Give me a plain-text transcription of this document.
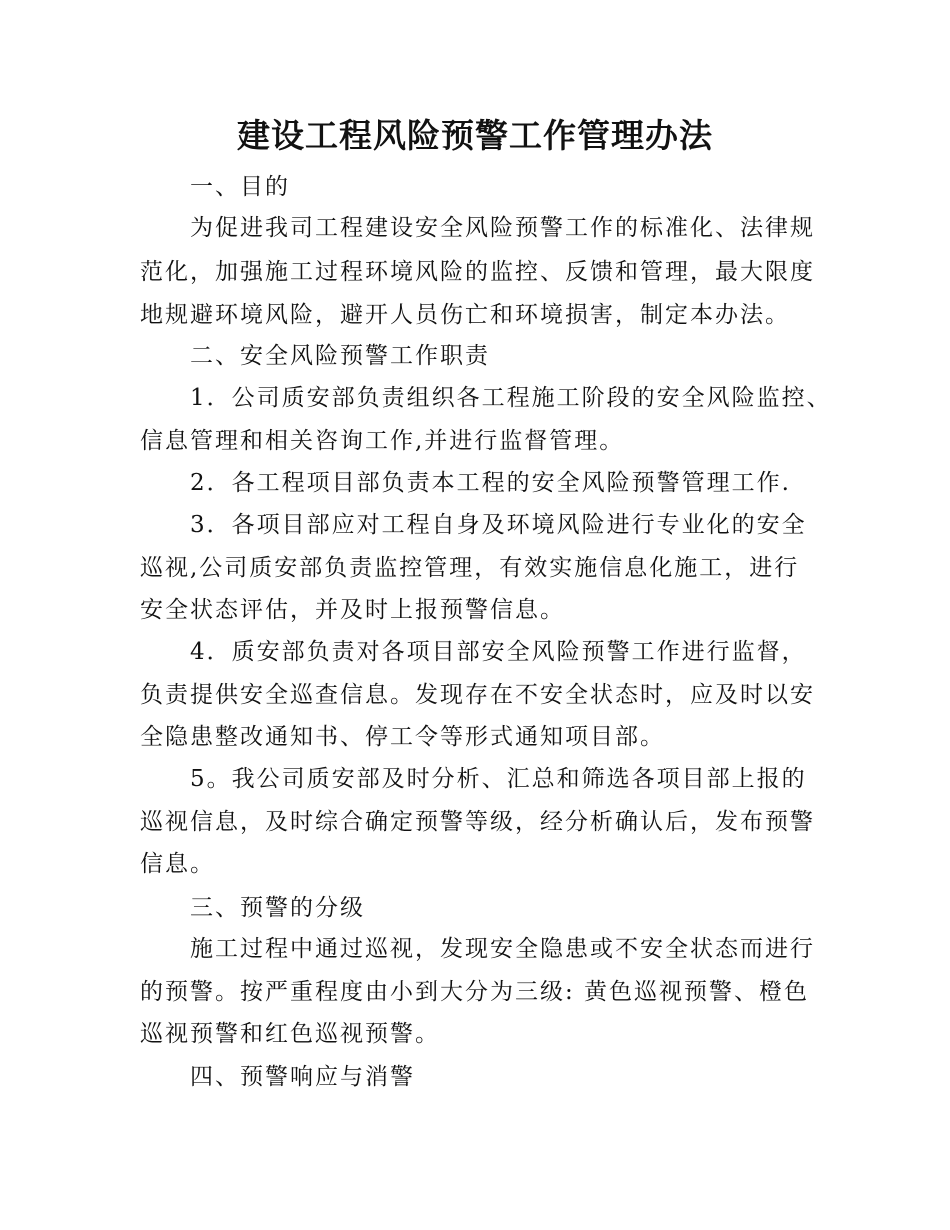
建设工程风险预警工作管理办法
一、目的
为促进我司工程建设安全风险预警工作的标准化、法律规
范化，加强施工过程环境风险的监控、反馈和管理，最大限度
地规避环境风险，避开人员伤亡和环境损害，制定本办法。
二、安全风险预警工作职责
1．公司质安部负责组织各工程施工阶段的安全风险监控、
信息管理和相关咨询工作,并进行监督管理。
2．各工程项目部负责本工程的安全风险预警管理工作.
3．各项目部应对工程自身及环境风险进行专业化的安全
巡视,公司质安部负责监控管理，有效实施信息化施工，进行
安全状态评估，并及时上报预警信息。
4．质安部负责对各项目部安全风险预警工作进行监督，
负责提供安全巡查信息。发现存在不安全状态时，应及时以安
全隐患整改通知书、停工令等形式通知项目部。
5。我公司质安部及时分析、汇总和筛选各项目部上报的
巡视信息，及时综合确定预警等级，经分析确认后，发布预警
信息。
三、预警的分级
施工过程中通过巡视，发现安全隐患或不安全状态而进行
的预警。按严重程度由小到大分为三级: 黄色巡视预警、橙色
巡视预警和红色巡视预警。
四、预警响应与消警
